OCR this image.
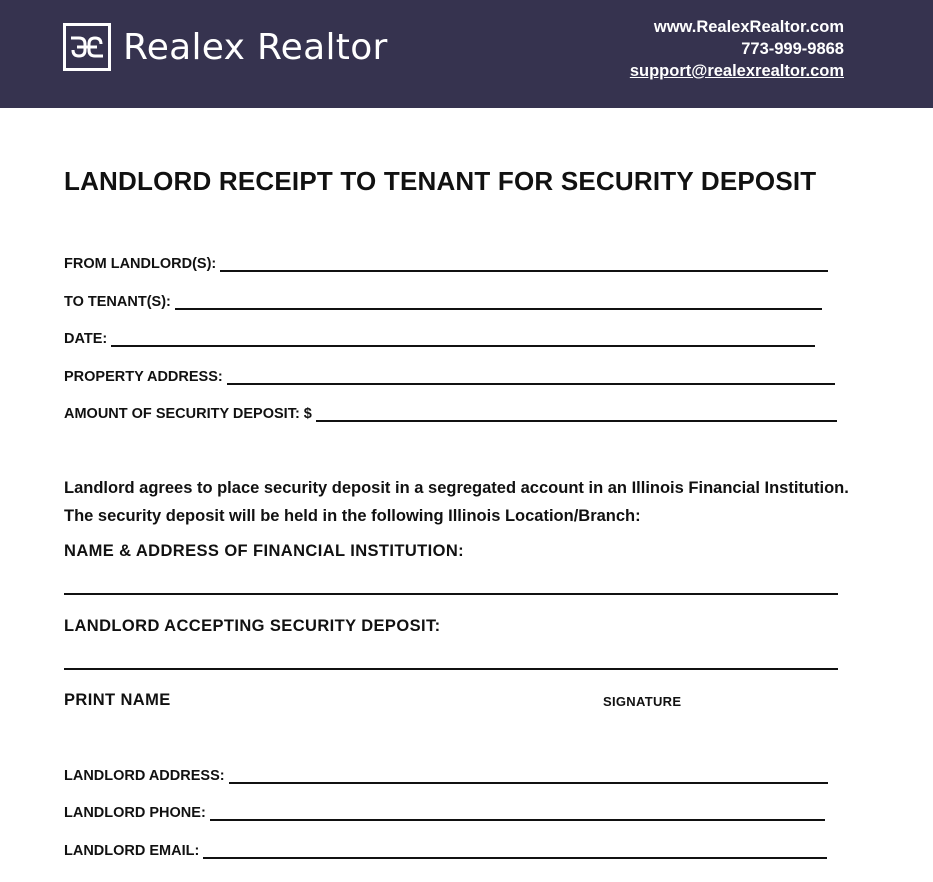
Realex Realtor	www.RealexRealtor.com
773-999-9868
support@realexrealtor.com
LANDLORD RECEIPT TO TENANT FOR SECURITY DEPOSIT
FROM LANDLORD(S):
TO TENANT(S):
DATE:
PROPERTY ADDRESS:
AMOUNT OF SECURITY DEPOSIT: $
Landlord agrees to place security deposit in a segregated account in an Illinois Financial Institution. The security deposit will be held in the following Illinois Location/Branch:
NAME & ADDRESS OF FINANCIAL INSTITUTION:
LANDLORD ACCEPTING SECURITY DEPOSIT:
PRINT NAME	SIGNATURE
LANDLORD ADDRESS:
LANDLORD PHONE:
LANDLORD EMAIL:
